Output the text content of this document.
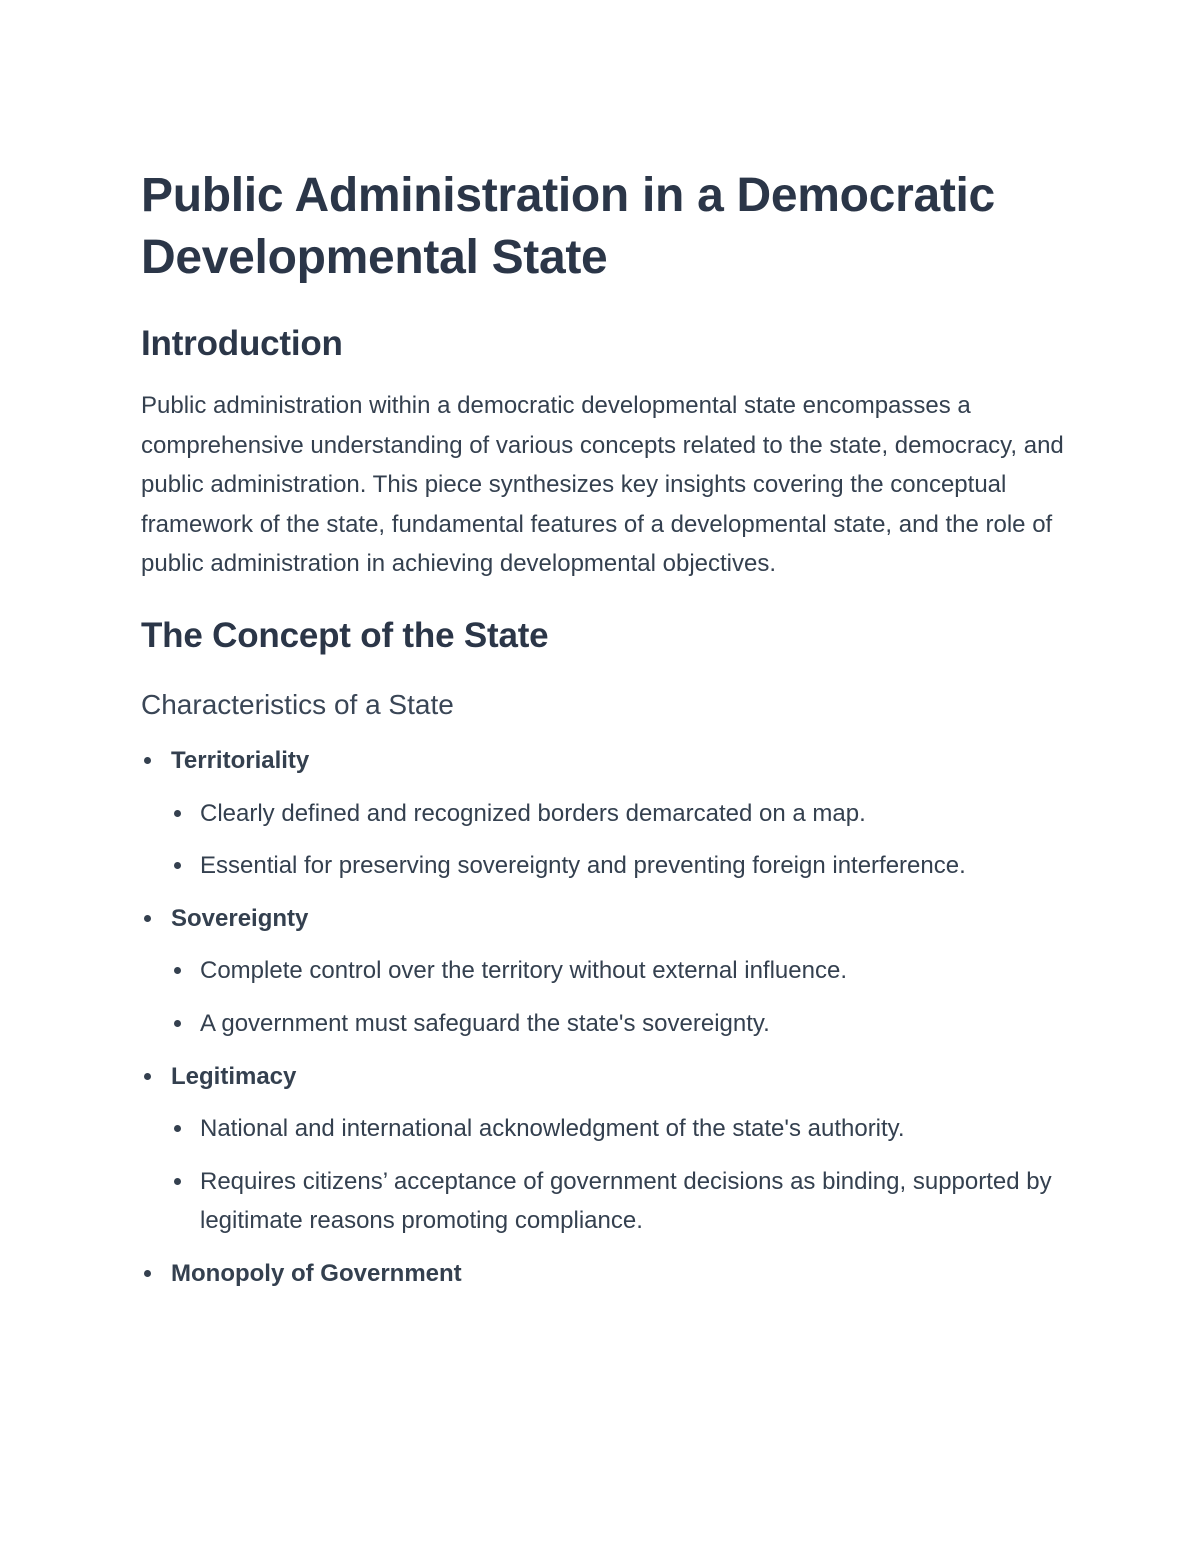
Public Administration in a Democratic Developmental State
Introduction

Public administration within a democratic developmental state encompasses a comprehensive understanding of various concepts related to the state, democracy, and public administration. This piece synthesizes key insights covering the conceptual framework of the state, fundamental features of a developmental state, and the role of public administration in achieving developmental objectives.

The Concept of the State
Characteristics of a State
Territoriality
Clearly defined and recognized borders demarcated on a map.
Essential for preserving sovereignty and preventing foreign interference.
Sovereignty
Complete control over the territory without external influence.
A government must safeguard the state's sovereignty.
Legitimacy
National and international acknowledgment of the state's authority.
Requires citizens’ acceptance of government decisions as binding, supported by legitimate reasons promoting compliance.
Monopoly of Government
